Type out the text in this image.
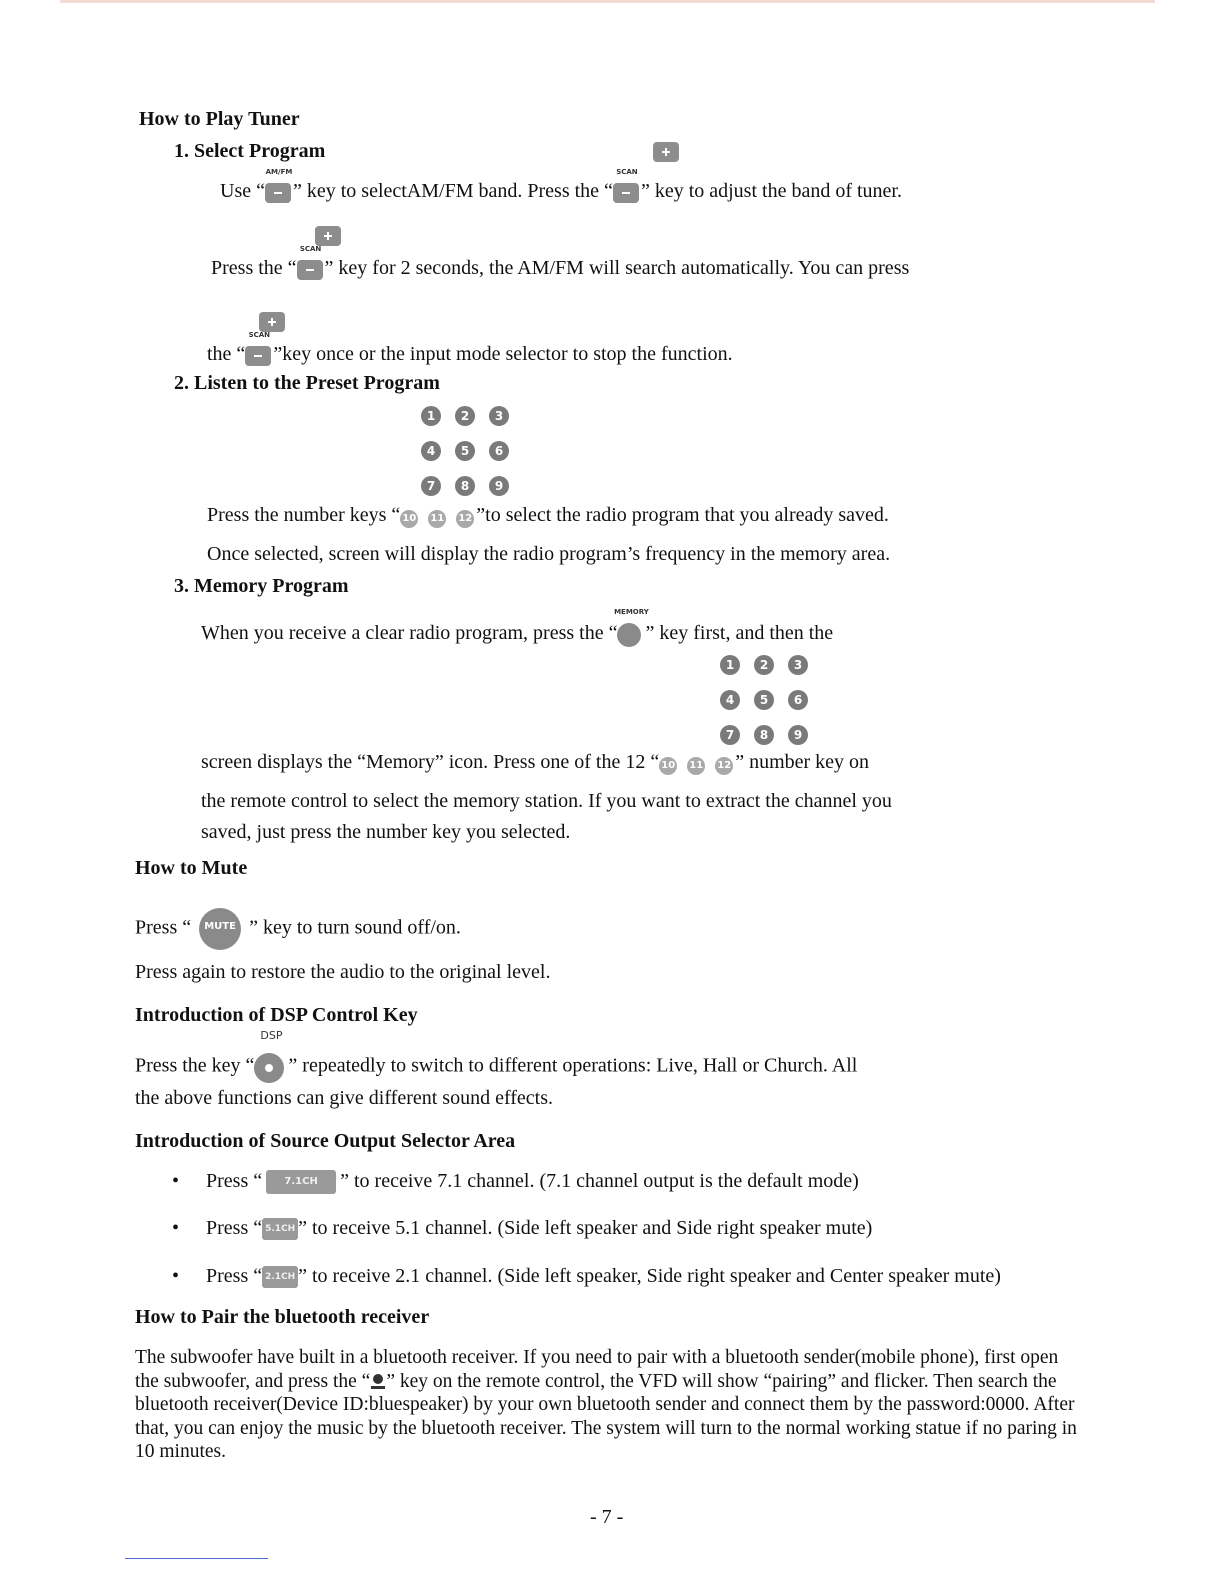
How to Play Tuner
1. Select Program
Use “
AM/FM
” key to selectAM/FM band. Press the “
SCAN
” key to adjust the band of tuner.
Press the “
SCAN
” key for 2 seconds, the AM/FM will search automatically. You can press
the “
SCAN
”key once or the input mode selector to stop the function.
2. Listen to the Preset Program
1 2 3
4 5 6
7 8 9
Press the number keys “ 10 11 12 ”to select the radio program that you already saved.
Once selected, screen will display the radio program’s frequency in the memory area.
3. Memory Program
When you receive a clear radio program, press the “
MEMORY
” key first, and then the
1 2 3
4 5 6
7 8 9
screen displays the “Memory” icon. Press one of the 12 “ 10 11 12 ” number key on
the remote control to select the memory station. If you want to extract the channel you
saved, just press the number key you selected.
How to Mute
Press “	MUTE ” key to turn sound off/on.
Press again to restore the audio to the original level.
Introduction of DSP Control Key
Press the key “
DSP
” repeatedly to switch to different operations: Live, Hall or Church. All
the above functions can give different sound effects.
Introduction of Source Output Selector Area
• Press “ 7.1CH ” to receive 7.1 channel. (7.1 channel output is the default mode)
• Press “ 5.1CH ” to receive 5.1 channel. (Side left speaker and Side right speaker mute)
• Press “ 2.1CH ” to receive 2.1 channel. (Side left speaker, Side right speaker and Center speaker mute)
How to Pair the bluetooth receiver
The subwoofer have built in a bluetooth receiver. If you need to pair with a bluetooth sender(mobile phone), first open the subwoofer, and press the “ ” key on the remote control, the VFD will show “pairing” and flicker. Then search the bluetooth receiver(Device ID:bluespeaker) by your own bluetooth sender and connect them by the password:0000. After that, you can enjoy the music by the bluetooth receiver. The system will turn to the normal working statue if no paring in 10 minutes.
- 7 -
